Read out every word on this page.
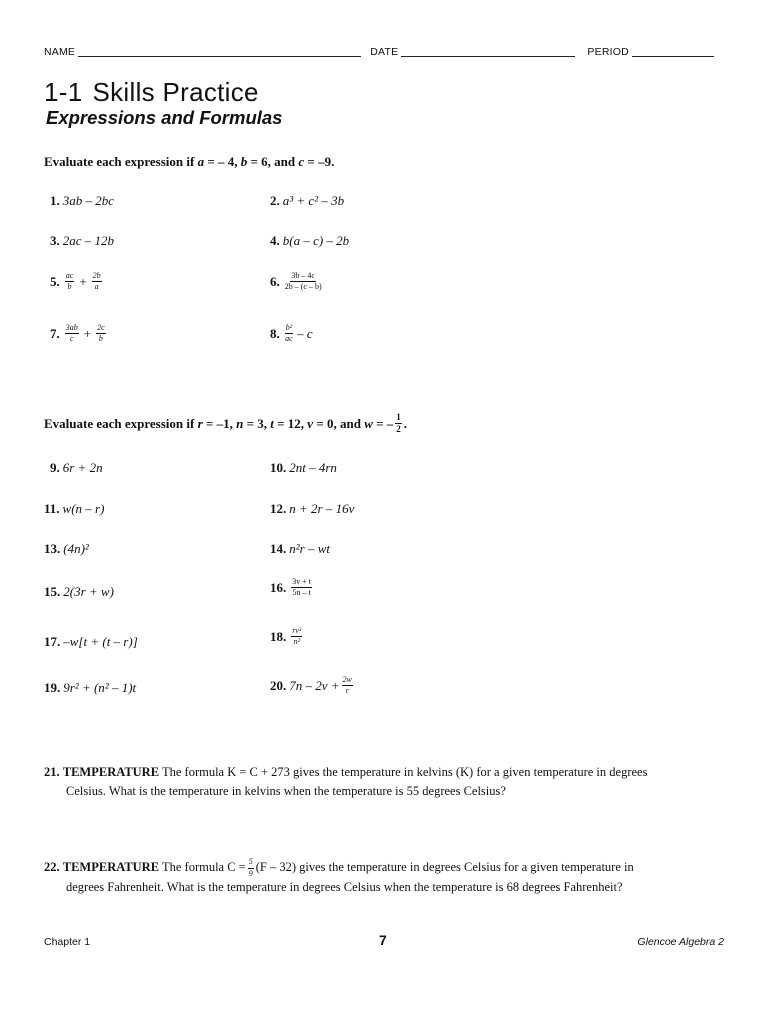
NAME	DATE	PERIOD
1-1 Skills Practice
Expressions and Formulas
Evaluate each expression if a = – 4, b = 6, and c = –9.
1. 3ab – 2bc	2. a³ + c² – 3b
3. 2ac – 12b	4. b(a – c) – 2b
5. $\frac{ac}{b} + \frac{2b}{a}$	6. $\frac{3b - 4c}{2b - (c - b)}$
7. $\frac{3ab}{c} + \frac{2c}{b}$	8. $\frac{\text{b²}}{ac}$ – c
Evaluate each expression if r = –1, n = 3, t = 12, v = 0, and w = – $\frac{1}{2}$ .
9. 6r + 2n	10. 2nt – 4rn
11. w(n – r)	12. n + 2r – 16v
13. (4n)²	14. n²r – wt
15. 2(3r + w)	16. $\frac{3v + t}{5n - t}$
17. –w[t + (t – r)]	18. $\frac{\text{rv³}}{\text{n²}}$
19. 9r² + (n² – 1)t	20. $7n - 2v + \frac{2w}{r}$
21. TEMPERATURE The formula K = C + 273 gives the temperature in kelvins (K) for a given temperature in degrees
Celsius. What is the temperature in kelvins when the temperature is 55 degrees Celsius?
22. TEMPERATURE The formula $C = \frac{5}{9} (F - 32)$ gives the temperature in degrees Celsius for a given temperature in
degrees Fahrenheit. What is the temperature in degrees Celsius when the temperature is 68 degrees Fahrenheit?
Chapter 1	7	Glencoe Algebra 2
